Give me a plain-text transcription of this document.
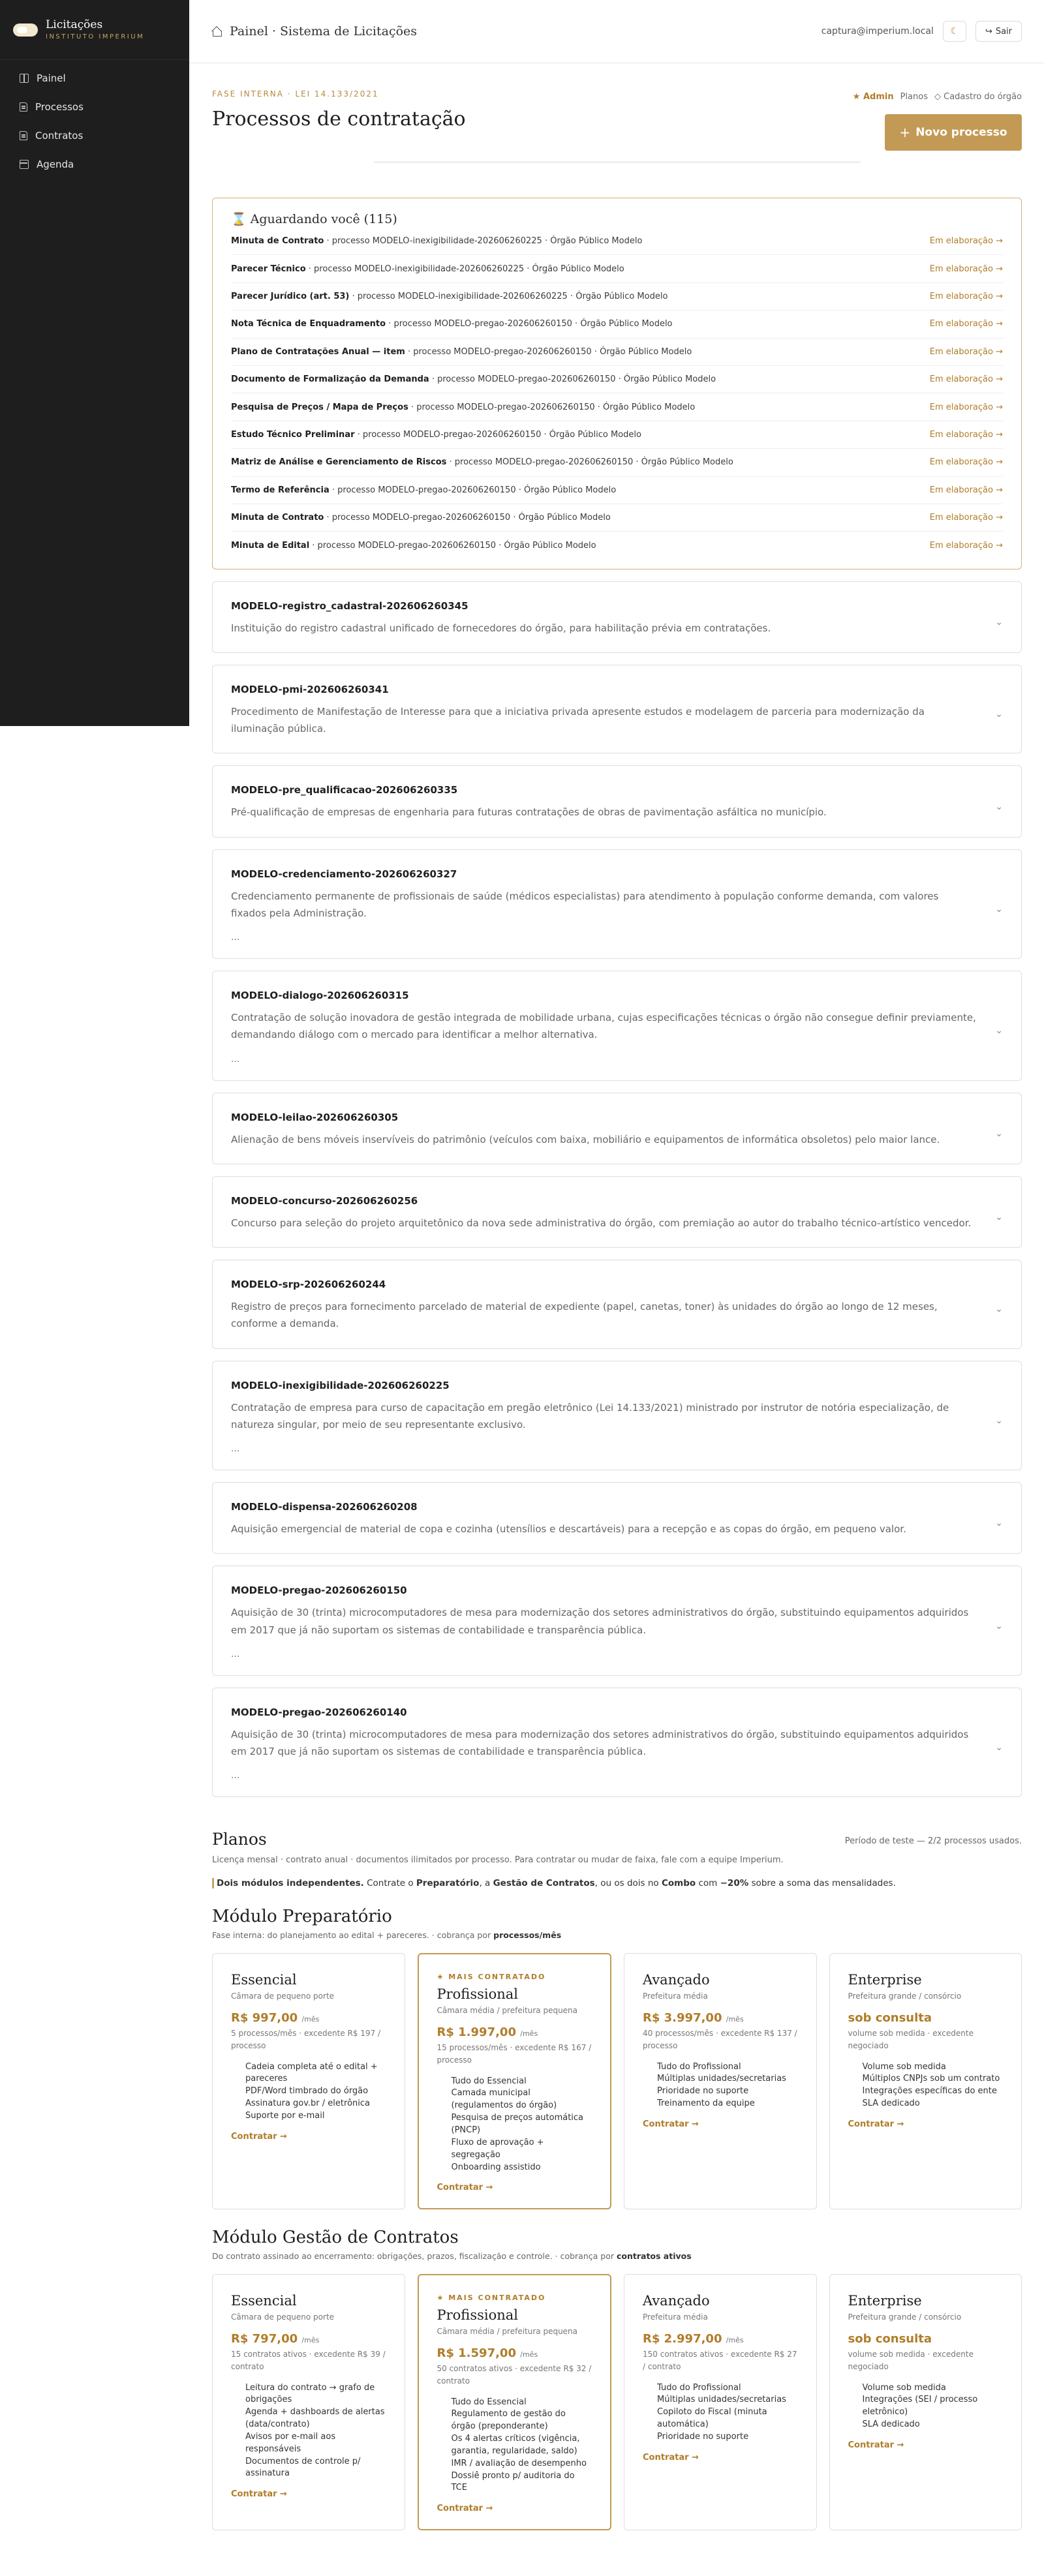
Licitações
INSTITUTO IMPERIUM
Painel
Processos
Contratos
Agenda
Painel · Sistema de Licitações	captura@imperium.local ☾	↪ Sair
FASE INTERNA · LEI 14.133/2021
Processos de contratação
★ Admin Planos ◇ Cadastro do órgão
+ Novo processo
⌛ Aguardando você (115)
Minuta de Contrato · processo MODELO-inexigibilidade-202606260225 · Órgão Público Modelo	Em elaboração →
Parecer Técnico · processo MODELO-inexigibilidade-202606260225 · Órgão Público Modelo	Em elaboração →
Parecer Jurídico (art. 53) · processo MODELO-inexigibilidade-202606260225 · Órgão Público Modelo	Em elaboração →
Nota Técnica de Enquadramento · processo MODELO-pregao-202606260150 · Órgão Público Modelo	Em elaboração →
Plano de Contratações Anual — item · processo MODELO-pregao-202606260150 · Órgão Público Modelo	Em elaboração →
Documento de Formalização da Demanda · processo MODELO-pregao-202606260150 · Órgão Público Modelo	Em elaboração →
Pesquisa de Preços / Mapa de Preços · processo MODELO-pregao-202606260150 · Órgão Público Modelo	Em elaboração →
Estudo Técnico Preliminar · processo MODELO-pregao-202606260150 · Órgão Público Modelo	Em elaboração →
Matriz de Análise e Gerenciamento de Riscos · processo MODELO-pregao-202606260150 · Órgão Público Modelo	Em elaboração →
Termo de Referência · processo MODELO-pregao-202606260150 · Órgão Público Modelo	Em elaboração →
Minuta de Contrato · processo MODELO-pregao-202606260150 · Órgão Público Modelo	Em elaboração →
Minuta de Edital · processo MODELO-pregao-202606260150 · Órgão Público Modelo	Em elaboração →
MODELO-registro_cadastral-202606260345
Instituição do registro cadastral unificado de fornecedores do órgão, para habilitação prévia em contratações.	⌄
MODELO-pmi-202606260341
Procedimento de Manifestação de Interesse para que a iniciativa privada apresente estudos e modelagem de parceria para modernização da iluminação pública.
⌄
MODELO-pre_qualificacao-202606260335
Pré-qualificação de empresas de engenharia para futuras contratações de obras de pavimentação asfáltica no município.	⌄
MODELO-credenciamento-202606260327
Credenciamento permanente de profissionais de saúde (médicos especialistas) para atendimento à população conforme demanda, com valores fixados pela Administração.
...
⌄
MODELO-dialogo-202606260315
Contratação de solução inovadora de gestão integrada de mobilidade urbana, cujas especificações técnicas o órgão não consegue definir previamente, demandando diálogo com o mercado para identificar a melhor alternativa.
...
⌄
MODELO-leilao-202606260305
Alienação de bens móveis inservíveis do patrimônio (veículos com baixa, mobiliário e equipamentos de informática obsoletos) pelo maior lance.	⌄
MODELO-concurso-202606260256
Concurso para seleção do projeto arquitetônico da nova sede administrativa do órgão, com premiação ao autor do trabalho técnico-artístico vencedor.	⌄
MODELO-srp-202606260244
Registro de preços para fornecimento parcelado de material de expediente (papel, canetas, toner) às unidades do órgão ao longo de 12 meses, conforme a demanda.
⌄
MODELO-inexigibilidade-202606260225
Contratação de empresa para curso de capacitação em pregão eletrônico (Lei 14.133/2021) ministrado por instrutor de notória especialização, de natureza singular, por meio de seu representante exclusivo.
...
⌄
MODELO-dispensa-202606260208
Aquisição emergencial de material de copa e cozinha (utensílios e descartáveis) para a recepção e as copas do órgão, em pequeno valor.	⌄
MODELO-pregao-202606260150
Aquisição de 30 (trinta) microcomputadores de mesa para modernização dos setores administrativos do órgão, substituindo equipamentos adquiridos em 2017 que já não suportam os sistemas de contabilidade e transparência pública.
...
⌄
MODELO-pregao-202606260140
Aquisição de 30 (trinta) microcomputadores de mesa para modernização dos setores administrativos do órgão, substituindo equipamentos adquiridos em 2017 que já não suportam os sistemas de contabilidade e transparência pública.
...
⌄
Planos	Período de teste — 2/2 processos usados.
Licença mensal · contrato anual · documentos ilimitados por processo. Para contratar ou mudar de faixa, fale com a equipe Imperium.
Dois módulos independentes. Contrate o Preparatório, a Gestão de Contratos, ou os dois no Combo com −20% sobre a soma das mensalidades.
Módulo Preparatório
Fase interna: do planejamento ao edital + pareceres. · cobrança por processos/mês
Essencial
Câmara de pequeno porte
R$ 997,00 /mês
5 processos/mês · excedente R$ 197 / processo
Cadeia completa até o edital + pareceres
PDF/Word timbrado do órgão
Assinatura gov.br / eletrônica
Suporte por e-mail
Contratar →
★ MAIS CONTRATADO
Profissional
Câmara média / prefeitura pequena
R$ 1.997,00 /mês
15 processos/mês · excedente R$ 167 / processo
Tudo do Essencial
Camada municipal (regulamentos do órgão)
Pesquisa de preços automática (PNCP)
Fluxo de aprovação + segregação
Onboarding assistido
Contratar →
Avançado
Prefeitura média
R$ 3.997,00 /mês
40 processos/mês · excedente R$ 137 / processo
Tudo do Profissional
Múltiplas unidades/secretarias
Prioridade no suporte
Treinamento da equipe
Contratar →
Enterprise
Prefeitura grande / consórcio
sob consulta
volume sob medida · excedente negociado
Volume sob medida
Múltiplos CNPJs sob um contrato
Integrações específicas do ente
SLA dedicado
Contratar →
Módulo Gestão de Contratos
Do contrato assinado ao encerramento: obrigações, prazos, fiscalização e controle. · cobrança por contratos ativos
Essencial
Câmara de pequeno porte
R$ 797,00 /mês
15 contratos ativos · excedente R$ 39 / contrato
Leitura do contrato → grafo de obrigações
Agenda + dashboards de alertas (data/contrato)
Avisos por e-mail aos responsáveis
Documentos de controle p/ assinatura
Contratar →
★ MAIS CONTRATADO
Profissional
Câmara média / prefeitura pequena
R$ 1.597,00 /mês
50 contratos ativos · excedente R$ 32 / contrato
Tudo do Essencial
Regulamento de gestão do órgão (preponderante)
Os 4 alertas críticos (vigência, garantia, regularidade, saldo)
IMR / avaliação de desempenho
Dossiê pronto p/ auditoria do TCE
Contratar →
Avançado
Prefeitura média
R$ 2.997,00 /mês
150 contratos ativos · excedente R$ 27 / contrato
Tudo do Profissional
Múltiplas unidades/secretarias
Copiloto do Fiscal (minuta automática)
Prioridade no suporte
Contratar →
Enterprise
Prefeitura grande / consórcio
sob consulta
volume sob medida · excedente negociado
Volume sob medida
Integrações (SEI / processo eletrônico)
SLA dedicado
Contratar →
